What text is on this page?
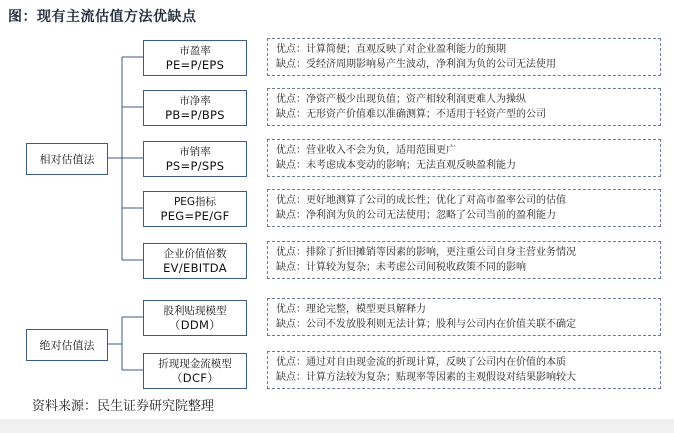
图：现有主流估值方法优缺点
相对估值法
绝对估值法
市盈率
PE=P/EPS
市净率
PB=P/BPS
市销率
PS=P/SPS
PEG指标
PEG=PE/GF
企业价值倍数
EV/EBITDA
股利贴现模型
（DDM）
折现现金流模型
（DCF）
优点： 计算简便；直观反映了对企业盈利能力的预期
缺点： 受经济周期影响易产生波动，净利润为负的公司无法使用
优点： 净资产极少出现负值；资产相较利润更难人为操纵
缺点： 无形资产价值难以准确测算；不适用于轻资产型的公司
优点： 营业收入不会为负，适用范围更广
缺点： 未考虑成本变动的影响；无法直观反映盈利能力
优点： 更好地测算了公司的成长性；优化了对高市盈率公司的估值
缺点： 净利润为负的公司无法使用；忽略了公司当前的盈利能力
优点： 排除了折旧摊销等因素的影响，更注重公司自身主营业务情况
缺点： 计算较为复杂；未考虑公司间税收政策不同的影响
优点： 理论完整，模型更具解释力
缺点： 公司不发放股利则无法计算；股利与公司内在价值关联不确定
优点： 通过对自由现金流的折现计算，反映了公司内在价值的本质
缺点： 计算方法较为复杂；贴现率等因素的主观假设对结果影响较大
资料来源：民生证券研究院整理
